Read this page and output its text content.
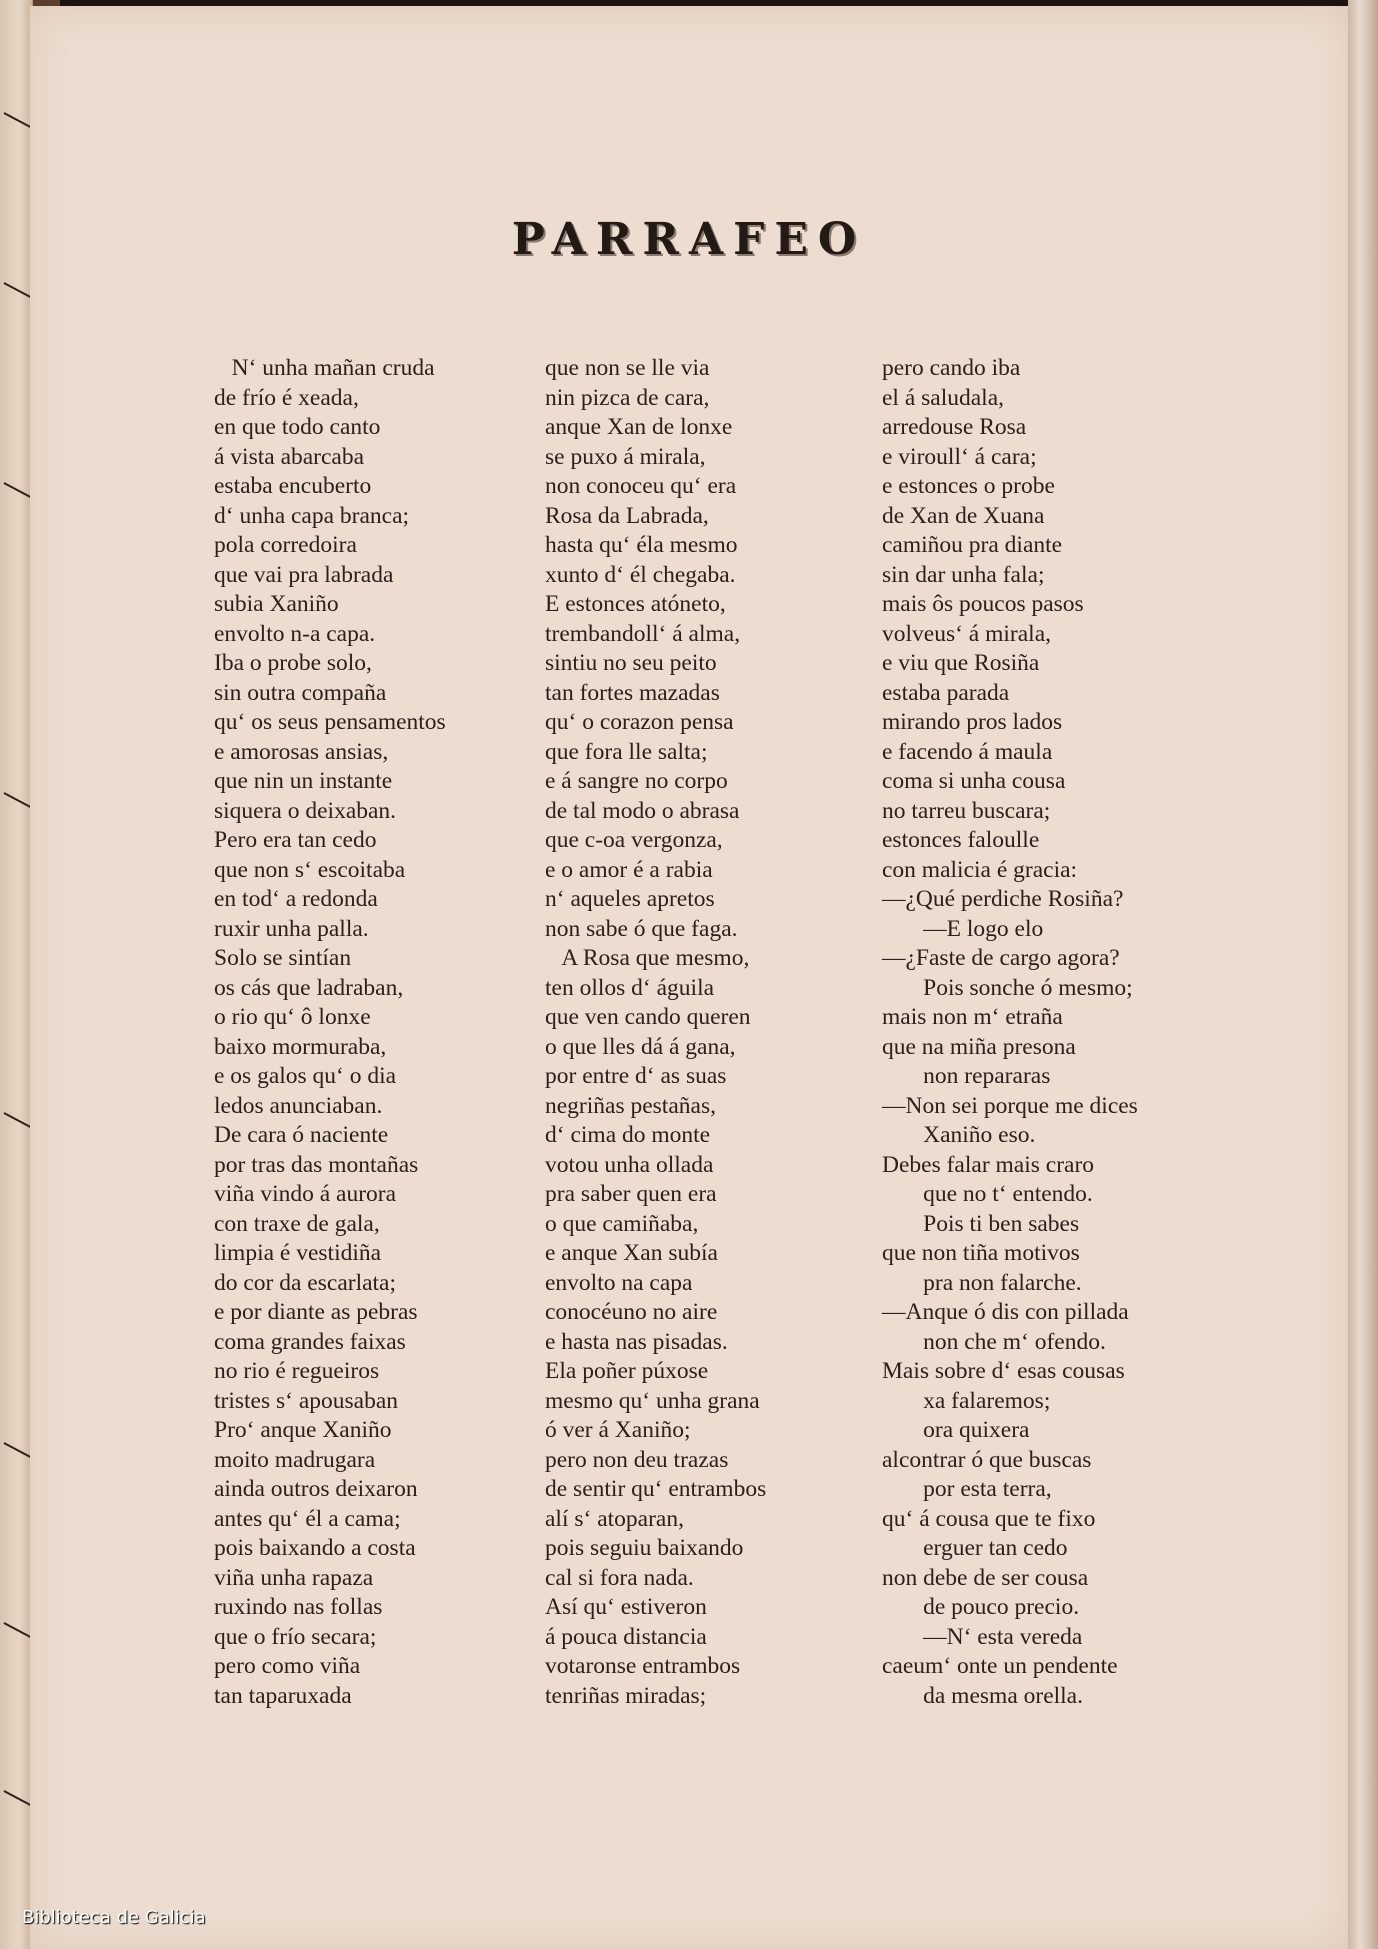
PARRAFEO
N‘ unha mañan cruda
de frío é xeada,
en que todo canto
á vista abarcaba
estaba encuberto
d‘ unha capa branca;
pola corredoira
que vai pra labrada
subia Xaniño
envolto n-a capa.
Iba o probe solo,
sin outra compaña
qu‘ os seus pensamentos
e amorosas ansias,
que nin un instante
siquera o deixaban.
Pero era tan cedo
que non s‘ escoitaba
en tod‘ a redonda
ruxir unha palla.
Solo se sintían
os cás que ladraban,
o rio qu‘ ô lonxe
baixo mormuraba,
e os galos qu‘ o dia
ledos anunciaban.
De cara ó naciente
por tras das montañas
viña vindo á aurora
con traxe de gala,
limpia é vestidiña
do cor da escarlata;
e por diante as pebras
coma grandes faixas
no rio é regueiros
tristes s‘ apousaban
Pro‘ anque Xaniño
moito madrugara
ainda outros deixaron
antes qu‘ él a cama;
pois baixando a costa
viña unha rapaza
ruxindo nas follas
que o frío secara;
pero como viña
tan taparuxada
que non se lle via
nin pizca de cara,
anque Xan de lonxe
se puxo á mirala,
non conoceu qu‘ era
Rosa da Labrada,
hasta qu‘ éla mesmo
xunto d‘ él chegaba.
E estonces atóneto,
trembandoll‘ á alma,
sintiu no seu peito
tan fortes mazadas
qu‘ o corazon pensa
que fora lle salta;
e á sangre no corpo
de tal modo o abrasa
que c-oa vergonza,
e o amor é a rabia
n‘ aqueles apretos
non sabe ó que faga.
A Rosa que mesmo,
ten ollos d‘ águila
que ven cando queren
o que lles dá á gana,
por entre d‘ as suas
negriñas pestañas,
d‘ cima do monte
votou unha ollada
pra saber quen era
o que camiñaba,
e anque Xan subía
envolto na capa
conocéuno no aire
e hasta nas pisadas.
Ela poñer púxose
mesmo qu‘ unha grana
ó ver á Xaniño;
pero non deu trazas
de sentir qu‘ entrambos
alí s‘ atoparan,
pois seguiu baixando
cal si fora nada.
Así qu‘ estiveron
á pouca distancia
votaronse entrambos
tenriñas miradas;
pero cando iba
el á saludala,
arredouse Rosa
e viroull‘ á cara;
e estonces o probe
de Xan de Xuana
camiñou pra diante
sin dar unha fala;
mais ôs poucos pasos
volveus‘ á mirala,
e viu que Rosiña
estaba parada
mirando pros lados
e facendo á maula
coma si unha cousa
no tarreu buscara;
estonces faloulle
con malicia é gracia:
—¿Qué perdiche Rosiña?
—E logo elo
—¿Faste de cargo agora?
Pois sonche ó mesmo;
mais non m‘ etraña
que na miña presona
non repararas
—Non sei porque me dices
Xaniño eso.
Debes falar mais craro
que no t‘ entendo.
Pois ti ben sabes
que non tiña motivos
pra non falarche.
—Anque ó dis con pillada
non che m‘ ofendo.
Mais sobre d‘ esas cousas
xa falaremos;
ora quixera
alcontrar ó que buscas
por esta terra,
qu‘ á cousa que te fixo
erguer tan cedo
non debe de ser cousa
de pouco precio.
—N‘ esta vereda
caeum‘ onte un pendente
da mesma orella.
Biblioteca de Galicia
